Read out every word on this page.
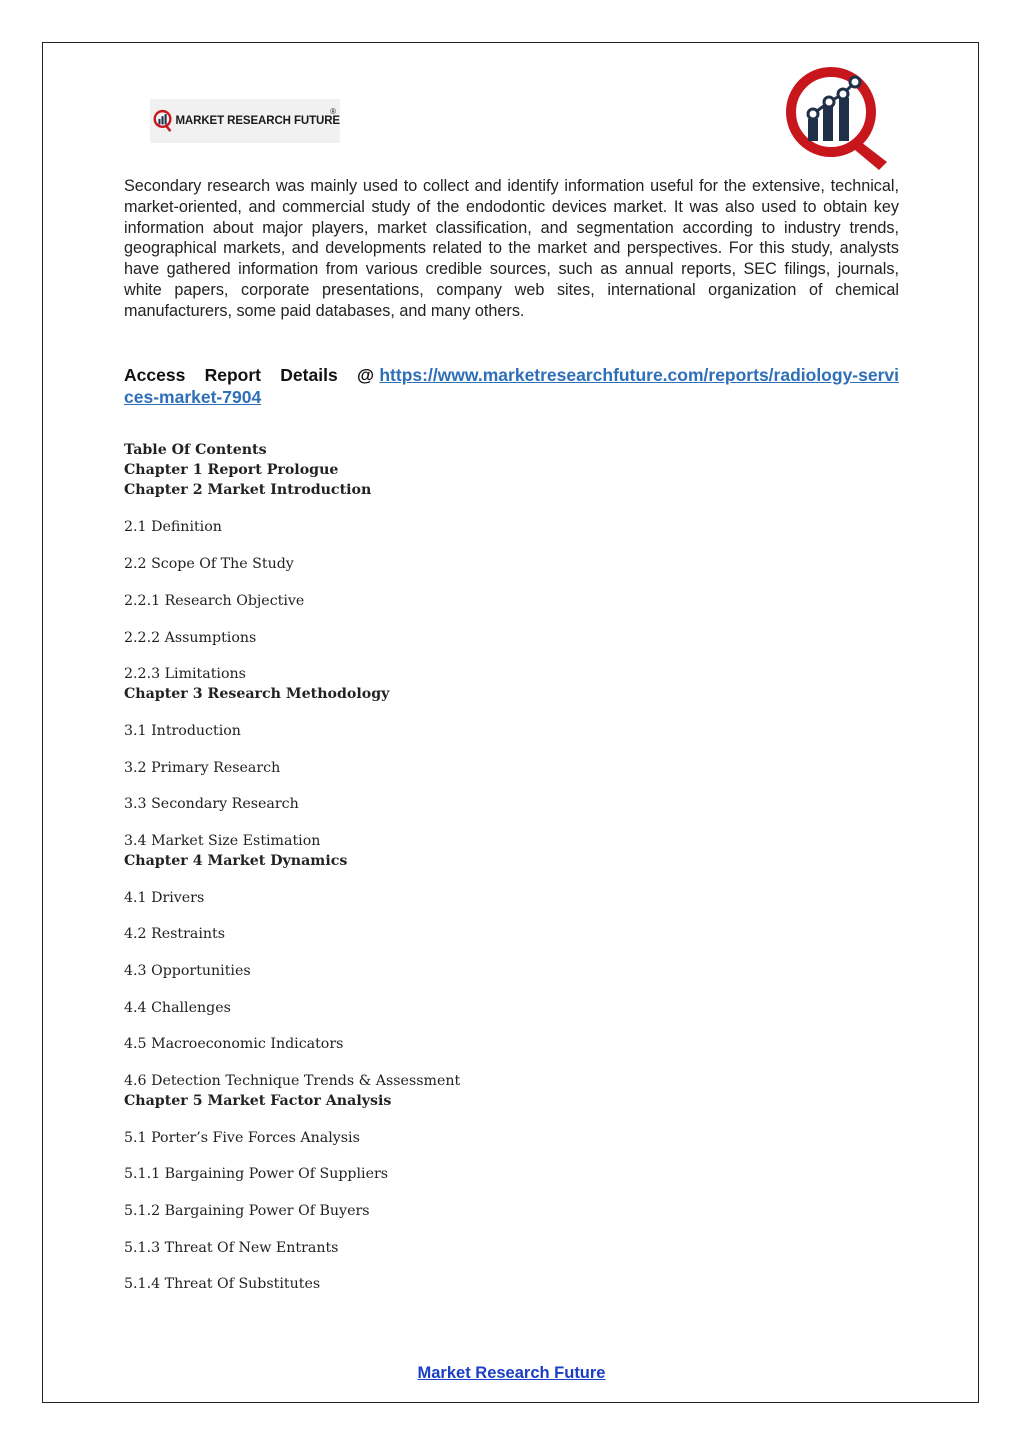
MARKET RESEARCH FUTURE
®

Secondary research was mainly used to collect and identify information useful for the extensive, technical, market-oriented, and commercial study of the endodontic devices market. It was also used to obtain key information about major players, market classification, and segmentation according to industry trends, geographical markets, and developments related to the market and perspectives. For this study, analysts have gathered information from various credible sources, such as annual reports, SEC filings, journals, white papers, corporate presentations, company web sites, international organization of chemical manufacturers, some paid databases, and many others.

Access Report Details @ https://www.marketresearchfuture.com/reports/radiology-services-market-7904

Table Of Contents
Chapter 1 Report Prologue
Chapter 2 Market Introduction
2.1 Definition
2.2 Scope Of The Study
2.2.1 Research Objective
2.2.2 Assumptions
2.2.3 Limitations
Chapter 3 Research Methodology
3.1 Introduction
3.2 Primary Research
3.3 Secondary Research
3.4 Market Size Estimation
Chapter 4 Market Dynamics
4.1 Drivers
4.2 Restraints
4.3 Opportunities
4.4 Challenges
4.5 Macroeconomic Indicators
4.6 Detection Technique Trends & Assessment
Chapter 5 Market Factor Analysis
5.1 Porter’s Five Forces Analysis
5.1.1 Bargaining Power Of Suppliers
5.1.2 Bargaining Power Of Buyers
5.1.3 Threat Of New Entrants
5.1.4 Threat Of Substitutes
Market Research Future
